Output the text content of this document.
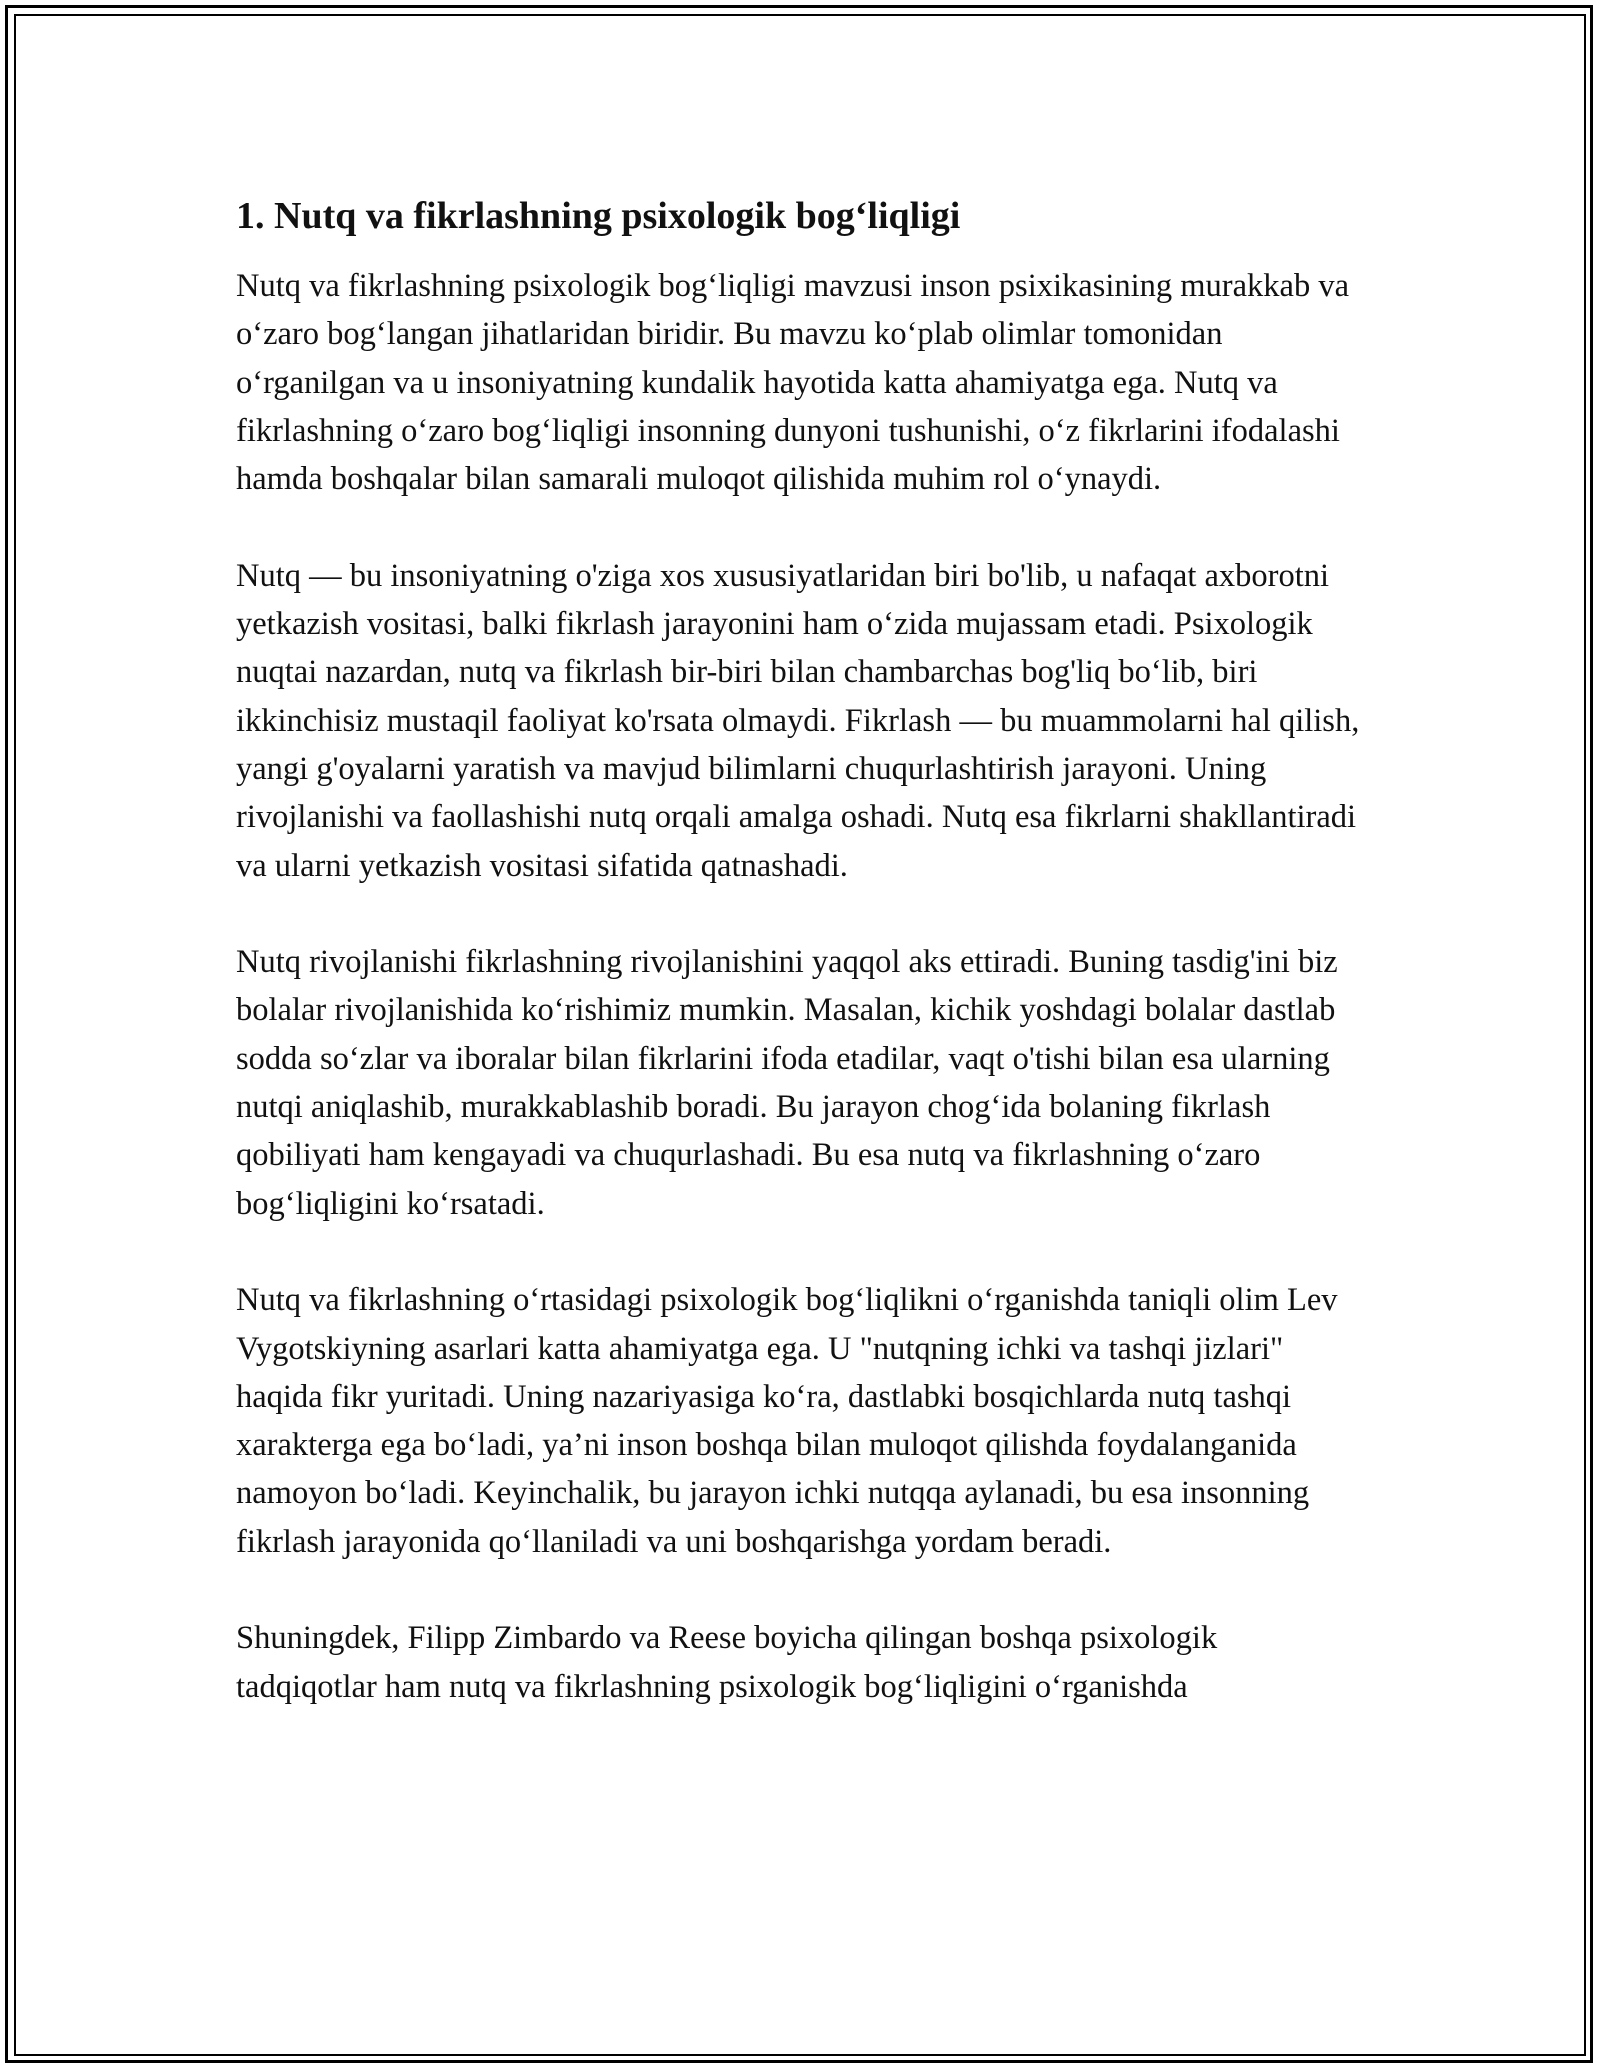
1. Nutq va fikrlashning psixologik bog‘liqligi

Nutq va fikrlashning psixologik bog‘liqligi mavzusi inson psixikasining murakkab va o‘zaro bog‘langan jihatlaridan biridir. Bu mavzu ko‘plab olimlar tomonidan o‘rganilgan va u insoniyatning kundalik hayotida katta ahamiyatga ega. Nutq va fikrlashning o‘zaro bog‘liqligi insonning dunyoni tushunishi, o‘z fikrlarini ifodalashi hamda boshqalar bilan samarali muloqot qilishida muhim rol o‘ynaydi.

Nutq — bu insoniyatning o'ziga xos xususiyatlaridan biri bo'lib, u nafaqat axborotni yetkazish vositasi, balki fikrlash jarayonini ham o‘zida mujassam etadi. Psixologik nuqtai nazardan, nutq va fikrlash bir-biri bilan chambarchas bog'liq bo‘lib, biri ikkinchisiz mustaqil faoliyat ko'rsata olmaydi. Fikrlash — bu muammolarni hal qilish, yangi g'oyalarni yaratish va mavjud bilimlarni chuqurlashtirish jarayoni. Uning rivojlanishi va faollashishi nutq orqali amalga oshadi. Nutq esa fikrlarni shakllantiradi va ularni yetkazish vositasi sifatida qatnashadi.

Nutq rivojlanishi fikrlashning rivojlanishini yaqqol aks ettiradi. Buning tasdig'ini biz bolalar rivojlanishida ko‘rishimiz mumkin. Masalan, kichik yoshdagi bolalar dastlab sodda so‘zlar va iboralar bilan fikrlarini ifoda etadilar, vaqt o'tishi bilan esa ularning nutqi aniqlashib, murakkablashib boradi. Bu jarayon chog‘ida bolaning fikrlash qobiliyati ham kengayadi va chuqurlashadi. Bu esa nutq va fikrlashning o‘zaro bog‘liqligini ko‘rsatadi.

Nutq va fikrlashning o‘rtasidagi psixologik bog‘liqlikni o‘rganishda taniqli olim Lev Vygotskiyning asarlari katta ahamiyatga ega. U "nutqning ichki va tashqi jizlari" haqida fikr yuritadi. Uning nazariyasiga ko‘ra, dastlabki bosqichlarda nutq tashqi xarakterga ega bo‘ladi, ya’ni inson boshqa bilan muloqot qilishda foydalanganida namoyon bo‘ladi. Keyinchalik, bu jarayon ichki nutqqa aylanadi, bu esa insonning fikrlash jarayonida qo‘llaniladi va uni boshqarishga yordam beradi.

Shuningdek, Filipp Zimbardo va Reese boyicha qilingan boshqa psixologik tadqiqotlar ham nutq va fikrlashning psixologik bog‘liqligini o‘rganishda
